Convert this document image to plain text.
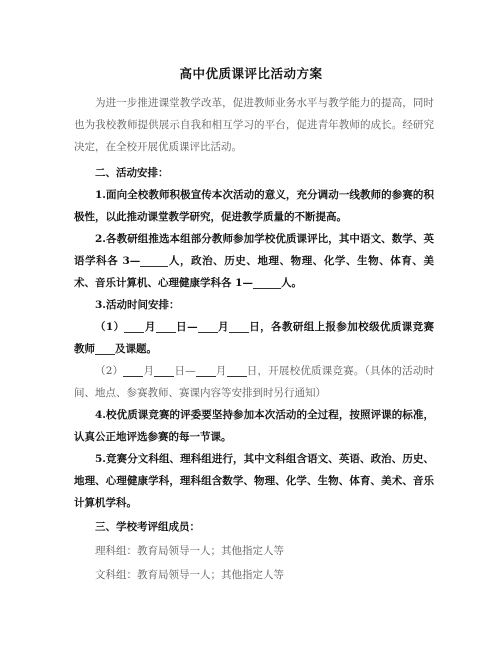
高中优质课评比活动方案
为进一步推进课堂教学改革，促进教师业务水平与教学能力的提高，同时也为我校教师提供展示自我和相互学习的平台，促进青年教师的成长。经研究决定，在全校开展优质课评比活动。
二、活动安排：
1.面向全校教师积极宣传本次活动的意义，充分调动一线教师的参赛的积极性，以此推动课堂教学研究，促进教学质量的不断提高。
2.各教研组推选本组部分教师参加学校优质课评比，其中语文、数学、英语学科各 3—	人，政治、历史、地理、物理、化学、生物、体育、美术、音乐计算机、心理健康学科各 1—	人。
3.活动时间安排：
（1） 月 日— 月 日，各教研组上报参加校级优质课竞赛教师 及课题。
（2） 月 日— 月 日，开展校优质课竞赛。（具体的活动时间、地点、参赛教师、赛课内容等安排到时另行通知）
4.校优质课竞赛的评委要坚持参加本次活动的全过程，按照评课的标准，认真公正地评选参赛的每一节课。
5.竞赛分文科组、理科组进行，其中文科组含语文、英语、政治、历史、地理、心理健康学科，理科组含数学、物理、化学、生物、体育、美术、音乐计算机学科。
三、学校考评组成员：
理科组：教育局领导一人；其他指定人等
文科组：教育局领导一人；其他指定人等
